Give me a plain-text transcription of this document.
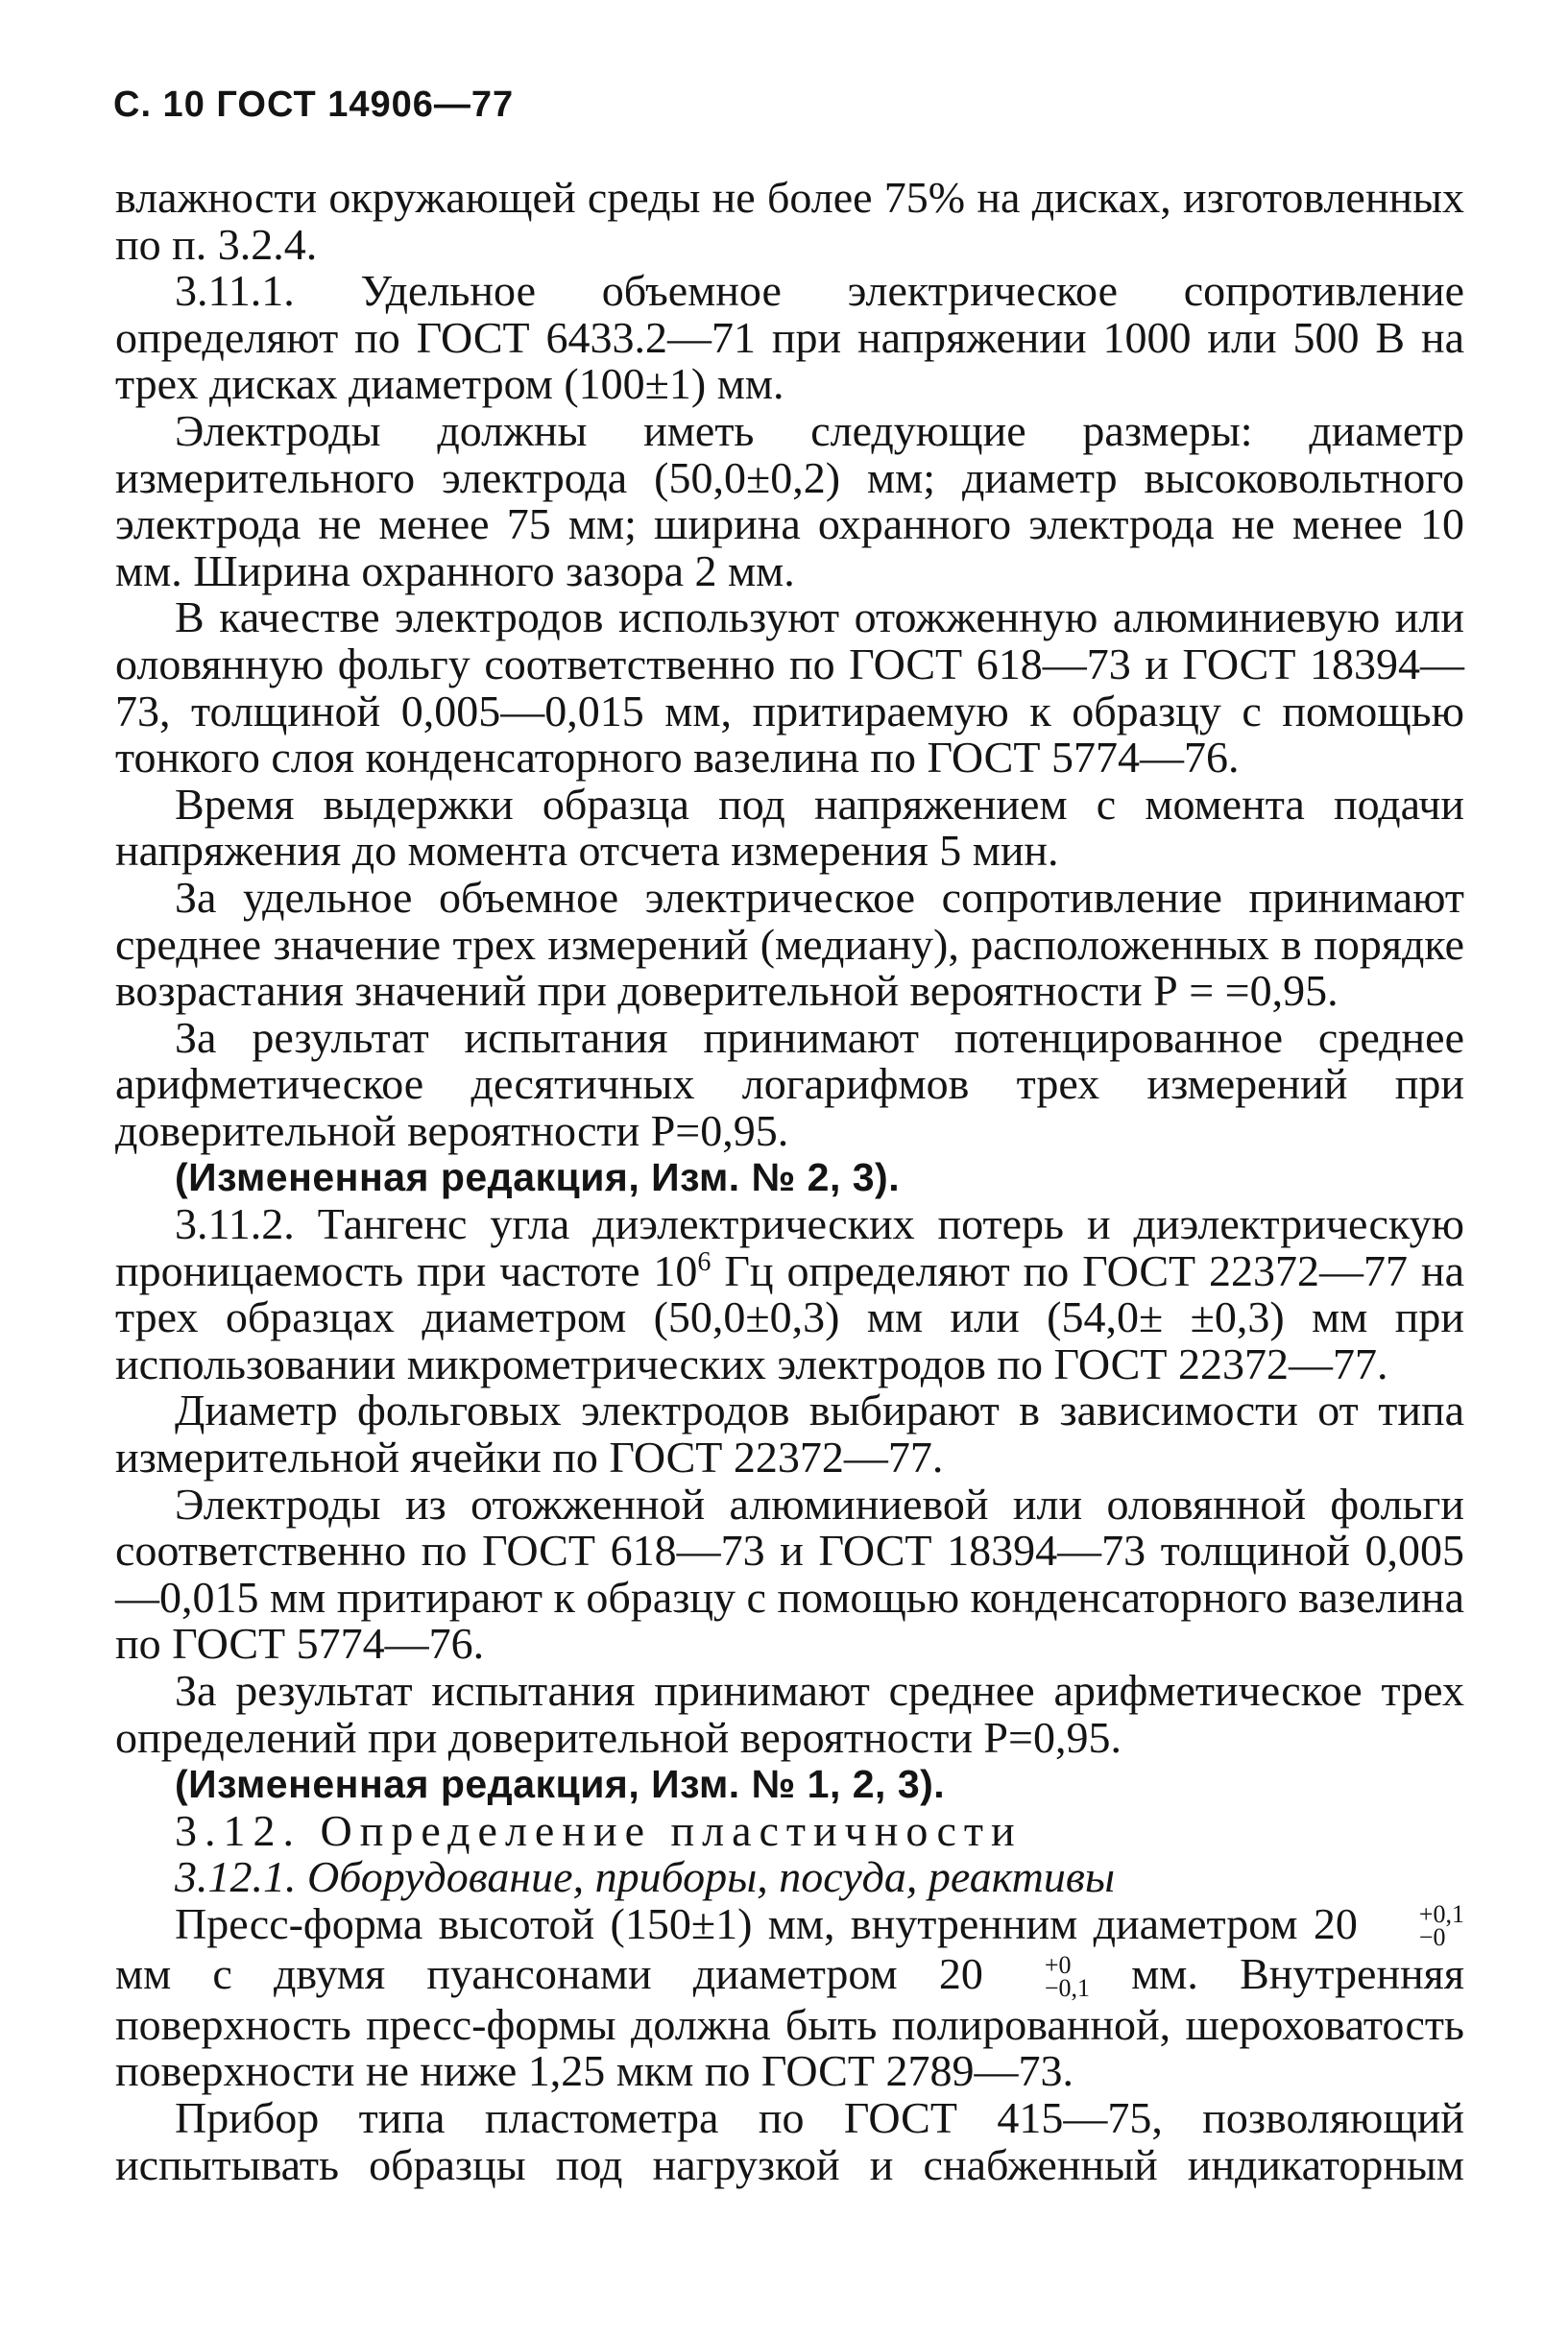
С. 10 ГОСТ 14906—77

влажности окружающей среды не более 75% на дисках, изготовленных по п. 3.2.4.

3.11.1. Удельное объемное электрическое сопротивление определяют по ГОСТ 6433.2—71 при напряжении 1000 или 500 В на трех дисках диаметром (100±1) мм.

Электроды должны иметь следующие размеры: диаметр измерительного электрода (50,0±0,2) мм; диаметр высоковольтного электрода не менее 75 мм; ширина охранного электрода не менее 10 мм. Ширина охранного зазора 2 мм.

В качестве электродов используют отожженную алюминиевую или оловянную фольгу соответственно по ГОСТ 618—73 и ГОСТ 18394—73, толщиной 0,005—0,015 мм, притираемую к образцу с помощью тонкого слоя конденсаторного вазелина по ГОСТ 5774—76.

Время выдержки образца под напряжением с момента подачи напряжения до момента отсчета измерения 5 мин.

За удельное объемное электрическое сопротивление принимают среднее значение трех измерений (медиану), расположенных в порядке возрастания значений при доверительной вероятности Р = =0,95.

За результат испытания принимают потенцированное среднее арифметическое десятичных логарифмов трех измерений при доверительной вероятности Р=0,95.

(Измененная редакция, Изм. № 2, 3).

3.11.2. Тангенс угла диэлектрических потерь и диэлектрическую проницаемость при частоте $10^6$ Гц определяют по ГОСТ 22372—77 на трех образцах диаметром (50,0±0,3) мм или (54,0± ±0,3) мм при использовании микрометрических электродов по ГОСТ 22372—77.

Диаметр фольговых электродов выбирают в зависимости от типа измерительной ячейки по ГОСТ 22372—77.

Электроды из отожженной алюминиевой или оловянной фольги соответственно по ГОСТ 618—73 и ГОСТ 18394—73 толщиной 0,005—0,015 мм притирают к образцу с помощью конденсаторного вазелина по ГОСТ 5774—76.

За результат испытания принимают среднее арифметическое трех определений при доверительной вероятности Р=0,95.

(Измененная редакция, Изм. № 1, 2, 3).

3.12. Определение пластичности

3.12.1. Оборудование, приборы, посуда, реактивы

Пресс-форма высотой (150±1) мм, внутренним диаметром 20	+0,1
−0
мм с двумя пуансонами диаметром 20	+0
−0,1 мм. Внутренняя поверхность пресс-формы должна быть полированной, шероховатость поверхности не ниже 1,25 мкм по ГОСТ 2789—73.

Прибор типа пластометра по ГОСТ 415—75, позволяющий испытывать образцы под нагрузкой и снабженный индикаторным
